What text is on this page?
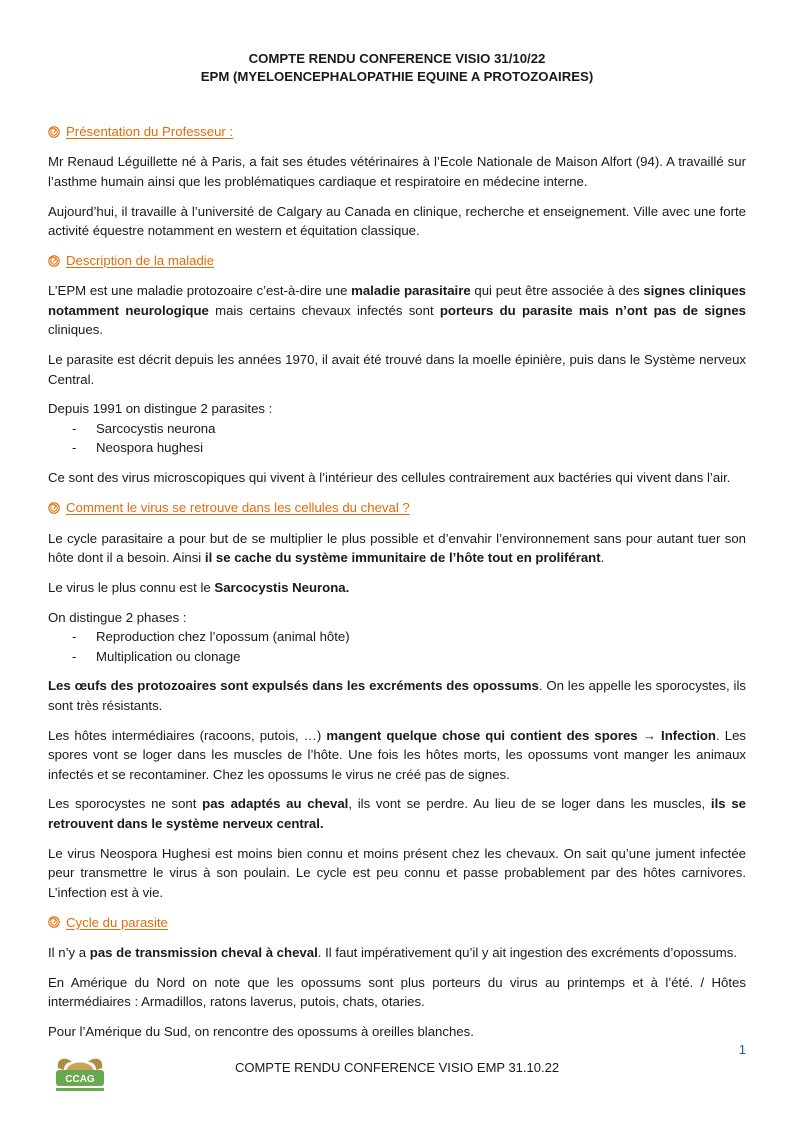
COMPTE RENDU CONFERENCE VISIO 31/10/22
EPM (MYELOENCEPHALOPATHIE EQUINE A PROTOZOAIRES)
Présentation du Professeur :

Mr Renaud Léguillette né à Paris, a fait ses études vétérinaires à l’Ecole Nationale de Maison Alfort (94). A travaillé sur l’asthme humain ainsi que les problématiques cardiaque et respiratoire en médecine interne.

Aujourd’hui, il travaille à l’université de Calgary au Canada en clinique, recherche et enseignement. Ville avec une forte activité équestre notamment en western et équitation classique.

Description de la maladie

L’EPM est une maladie protozoaire c’est-à-dire une maladie parasitaire qui peut être associée à des signes cliniques notamment neurologique mais certains chevaux infectés sont porteurs du parasite mais n’ont pas de signes cliniques.

Le parasite est décrit depuis les années 1970, il avait été trouvé dans la moelle épinière, puis dans le Système nerveux Central.

Depuis 1991 on distingue 2 parasites :

- Sarcocystis neurona
- Neospora hughesi

Ce sont des virus microscopiques qui vivent à l’intérieur des cellules contrairement aux bactéries qui vivent dans l’air.

Comment le virus se retrouve dans les cellules du cheval ?

Le cycle parasitaire a pour but de se multiplier le plus possible et d’envahir l’environnement sans pour autant tuer son hôte dont il a besoin. Ainsi il se cache du système immunitaire de l’hôte tout en proliférant.

Le virus le plus connu est le Sarcocystis Neurona.

On distingue 2 phases :

- Reproduction chez l’opossum (animal hôte)
- Multiplication ou clonage

Les œufs des protozoaires sont expulsés dans les excréments des opossums. On les appelle les sporocystes, ils sont très résistants.

Les hôtes intermédiaires (racoons, putois, …) mangent quelque chose qui contient des spores → Infection. Les spores vont se loger dans les muscles de l’hôte. Une fois les hôtes morts, les opossums vont manger les animaux infectés et se recontaminer. Chez les opossums le virus ne créé pas de signes.

Les sporocystes ne sont pas adaptés au cheval, ils vont se perdre. Au lieu de se loger dans les muscles, ils se retrouvent dans le système nerveux central.

Le virus Neospora Hughesi est moins bien connu et moins présent chez les chevaux. On sait qu’une jument infectée peur transmettre le virus à son poulain. Le cycle est peu connu et passe probablement par des hôtes carnivores. L’infection est à vie.

Cycle du parasite

Il n’y a pas de transmission cheval à cheval. Il faut impérativement qu’il y ait ingestion des excréments d’opossums.

En Amérique du Nord on note que les opossums sont plus porteurs du virus au printemps et à l’été. / Hôtes intermédiaires : Armadillos, ratons laverus, putois, chats, otaries.

Pour l’Amérique du Sud, on rencontre des opossums à oreilles blanches.

CCAG
1
COMPTE RENDU CONFERENCE VISIO EMP 31.10.22
